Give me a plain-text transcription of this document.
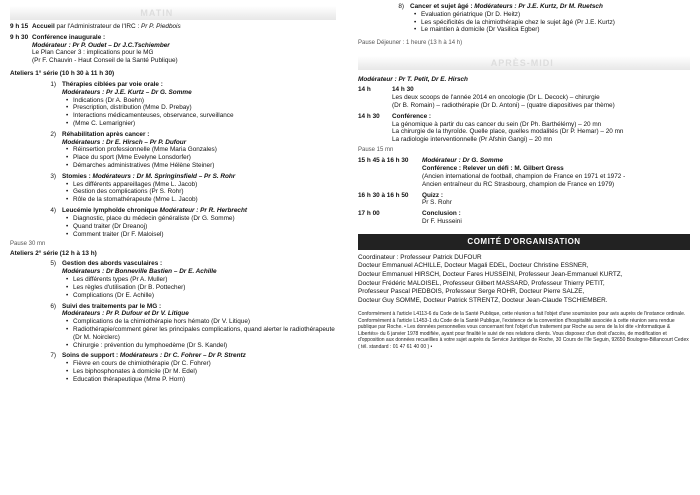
MATIN
9 h 15 Accueil par l'Administrateur de l'IRC : Pr P. Piedbois
9 h 30 Conférence inaugurale :
Modérateur : Pr P. Oudet – Dr J.C.Tschiember
Le Plan Cancer 3 : implications pour le MG
(Pr F. Chauvin - Haut Conseil de la Santé Publique)
Ateliers 1° série (10 h 30 à 11 h 30)
1) Thérapies ciblées par voie orale :
Modérateurs : Pr J.E. Kurtz – Dr G. Somme
• Indications (Dr A. Boehn)
• Prescription, distribution (Mme D. Prebay)
• Interactions médicamenteuses, observance, surveillance
• (Mme C. Lemarignier)
2) Réhabilitation après cancer :
Modérateurs : Dr E. Hirsch – Pr P. Dufour
• Réinsertion professionnelle (Mme Maria Gonzales)
• Place du sport (Mme Evelyne Lonsdorfer)
• Démarches administratives (Mme Hélène Steiner)
3) Stomies : Modérateurs : Dr M. Springinsfield – Pr S. Rohr
• Les différents appareillages (Mme L. Jacob)
• Gestion des complications (Pr S. Rohr)
• Rôle de la stomathérapeute (Mme L. Jacob)
4) Leucémie lymphoïde chronique Modérateur : Pr R. Herbrecht
• Diagnostic, place du médecin généraliste (Dr G. Somme)
• Quand traiter (Dr Dreanoj)
• Comment traiter (Dr F. Maloisel)
Pause 30 mn
Ateliers 2° série (12 h à 13 h)
5) Gestion des abords vasculaires :
Modérateurs : Dr Bonneville Bastien – Dr E. Achille
• Les différents types (Pr A. Muller)
• Les règles d'utilisation (Dr B. Pottecher)
• Complications (Dr E. Achille)
6) Suivi des traitements par le MG :
Modérateurs : Pr P. Dufour et Dr V. Litique
• Complications de la chimiothérapie hors hémato (Dr V. Litique)
• Radiothérapie/comment gérer les principales complications, quand alerter le radiothérapeute (Dr M. Noirclerc)
• Chirurgie : prévention du lymphoedème (Dr S. Kandel)
7) Soins de support : Modérateurs : Dr C. Fohrer – Dr P. Strentz
• Fièvre en cours de chimiothérapie (Dr C. Fohrer)
• Les biphosphonates à domicile (Dr M. Edel)
• Education thérapeutique (Mme P. Horn)
8) Cancer et sujet âgé : Modérateurs : Pr J.E. Kurtz, Dr M. Ruetsch
• Evaluation gériatrique (Dr D. Heitz)
• Les spécificités de la chimiothérapie chez le sujet âgé (Pr J.E. Kurtz)
• Le maintien à domicile (Dr Vasilica Egber)
Pause Déjeuner : 1 heure (13 h à 14 h)
APRÈS-MIDI
Modérateur : Pr T. Petit, Dr E. Hirsch
14 h	14 h 30
Les deux scoops de l'année 2014 en oncologie (Dr L. Decock) – chirurgie
(Dr B. Romain) – radiothérapie (Dr D. Antoni) – (quatre diapositives par thème)
14 h 30	Conférence :
La génomique à partir du cas cancer du sein (Dr Ph. Barthélémy) – 20 mn
La chirurgie de la thyroïde. Quelle place, quelles modalités (Dr P. Hemar) – 20 mn
La radiologie interventionnelle (Pr Afshin Gangi) – 20 mn
Pause 15 mn
15 h 45 à 16 h 30	Modérateur : Dr G. Somme
Conférence : Relever un défi : M. Gilbert Gress
(Ancien international de football, champion de France en 1971 et 1972 -
Ancien entraîneur du RC Strasbourg, champion de France en 1979)
16 h 30 à 16 h 50	Quizz :
Pr S. Rohr
17 h 00	Conclusion :
Dr F. Husseini
COMITÉ D'ORGANISATION
Coordinateur : Professeur Patrick DUFOUR
Docteur Emmanuel ACHILLE, Docteur Magali EDEL, Docteur Christine ESSNER,
Docteur Emmanuel HIRSCH, Docteur Fares HUSSEINI, Professeur Jean-Emmanuel KURTZ,
Docteur Frédéric MALOISEL, Professeur Gilbert MASSARD, Professeur Thierry PETIT,
Professeur Pascal PIEDBOIS, Professeur Serge ROHR, Docteur Pierre SALZE,
Docteur Guy SOMME, Docteur Patrick STRENTZ, Docteur Jean-Claude TSCHIEMBER.
Conformément à l'article L4113-6 du Code de la Santé Publique, cette réunion a fait l'objet d'une soumission pour avis auprès de l'instance ordinale. Conformément à l'article L1453-1 du Code de la Santé Publique, l'existence de la convention d'hospitalité associée à cette réunion sera rendue publique par Roche. • Les données personnelles vous concernant font l'objet d'un traitement par Roche au sens de la loi dite «Informatique & Libertés» du 6 janvier 1978 modifiée, ayant pour finalité le suivi de nos relations clients. Vous disposez d'un droit d'accès, de modification et d'opposition aux données recueillies à votre sujet auprès du Service Juridique de Roche, 30 Cours de l'Ile Seguin, 92650 Boulogne-Billancourt Cedex ( tél. standard : 01 47 61 40 00 ) •
